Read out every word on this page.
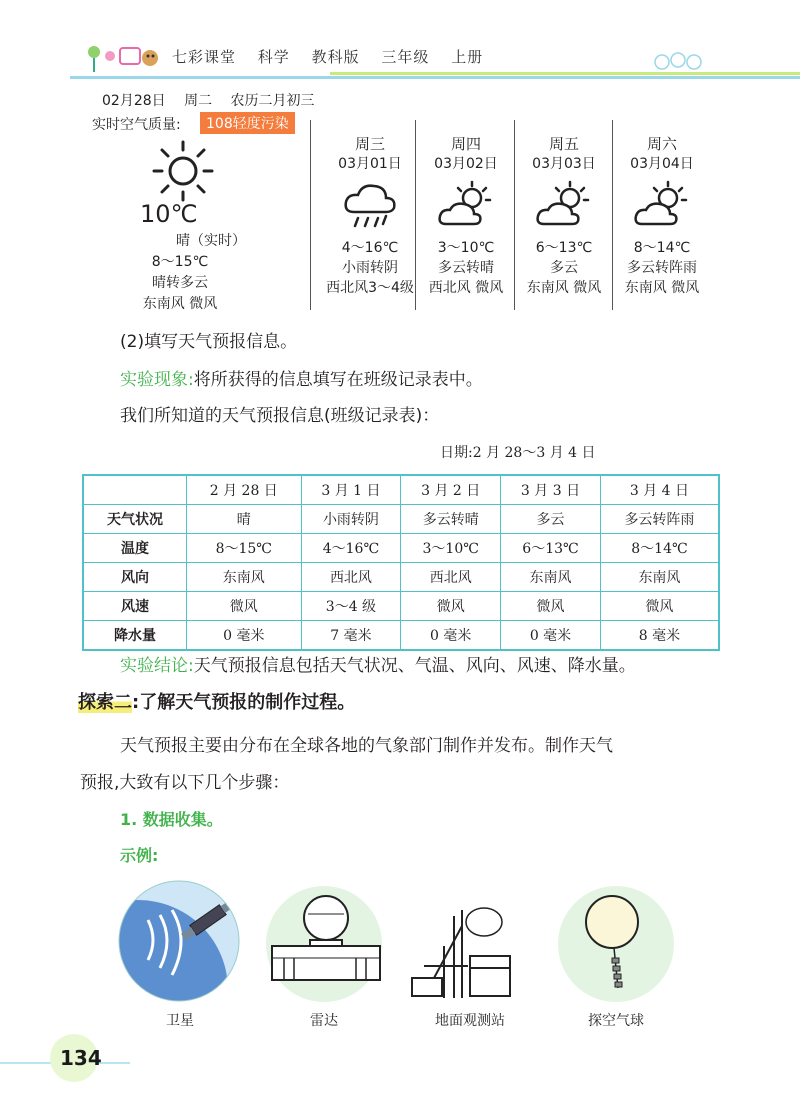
七彩课堂 科学 教科版 三年级 上册
02月28日 周二 农历二月初三
实时空气质量:	108轻度污染
10℃
晴（实时）
8～15℃
晴转多云
东南风 微风
周三
03月01日
4～16℃
小雨转阴
西北风3～4级
周四
03月02日
3～10℃
多云转晴
西北风 微风
周五
03月03日
6～13℃
多云
东南风 微风
周六
03月04日
8～14℃
多云转阵雨
东南风 微风
(2)填写天气预报信息。
实验现象:将所获得的信息填写在班级记录表中。
我们所知道的天气预报信息(班级记录表)：
日期:2 月 28～3 月 4 日
	2 月 28 日	3 月 1 日	3 月 2 日	3 月 3 日	3 月 4 日
天气状况	晴	小雨转阴	多云转晴	多云	多云转阵雨
温度	8～15℃	4～16℃	3～10℃	6～13℃	8～14℃
风向	东南风	西北风	西北风	东南风	东南风
风速	微风	3～4 级	微风	微风	微风
降水量	0 毫米	7 毫米	0 毫米	0 毫米	8 毫米
实验结论:天气预报信息包括天气状况、气温、风向、风速、降水量。
探索二:了解天气预报的制作过程。
天气预报主要由分布在全球各地的气象部门制作并发布。制作天气
预报,大致有以下几个步骤：
1. 数据收集。
示例:
卫星	雷达	地面观测站	探空气球
134
